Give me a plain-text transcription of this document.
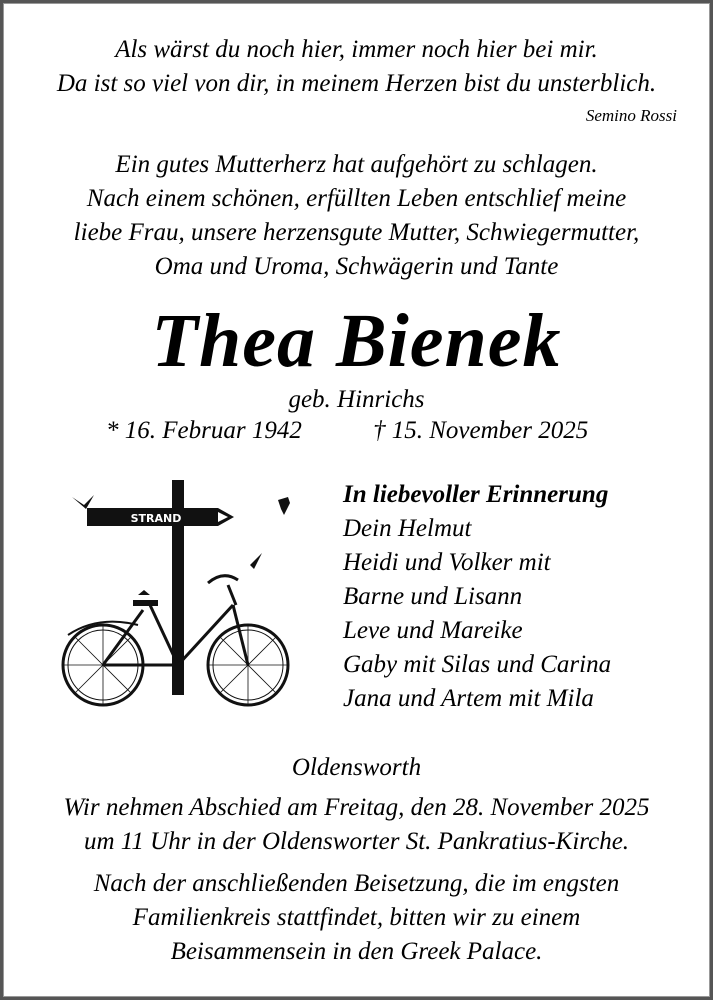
Als wärst du noch hier, immer noch hier bei mir.
Da ist so viel von dir, in meinem Herzen bist du unsterblich.
Semino Rossi
Ein gutes Mutterherz hat aufgehört zu schlagen.
Nach einem schönen, erfüllten Leben entschlief meine
liebe Frau, unsere herzensgute Mutter, Schwiegermutter,
Oma und Uroma, Schwägerin und Tante
Thea Bienek
geb. Hinrichs
* 16. Februar 1942	† 15. November 2025
STRAND
In liebevoller Erinnerung
Dein Helmut
Heidi und Volker mit
Barne und Lisann
Leve und Mareike
Gaby mit Silas und Carina
Jana und Artem mit Mila
Oldensworth
Wir nehmen Abschied am Freitag, den 28. November 2025
um 11 Uhr in der Oldensworter St. Pankratius-Kirche.
Nach der anschließenden Beisetzung, die im engsten
Familienkreis stattfindet, bitten wir zu einem
Beisammensein in den Greek Palace.
